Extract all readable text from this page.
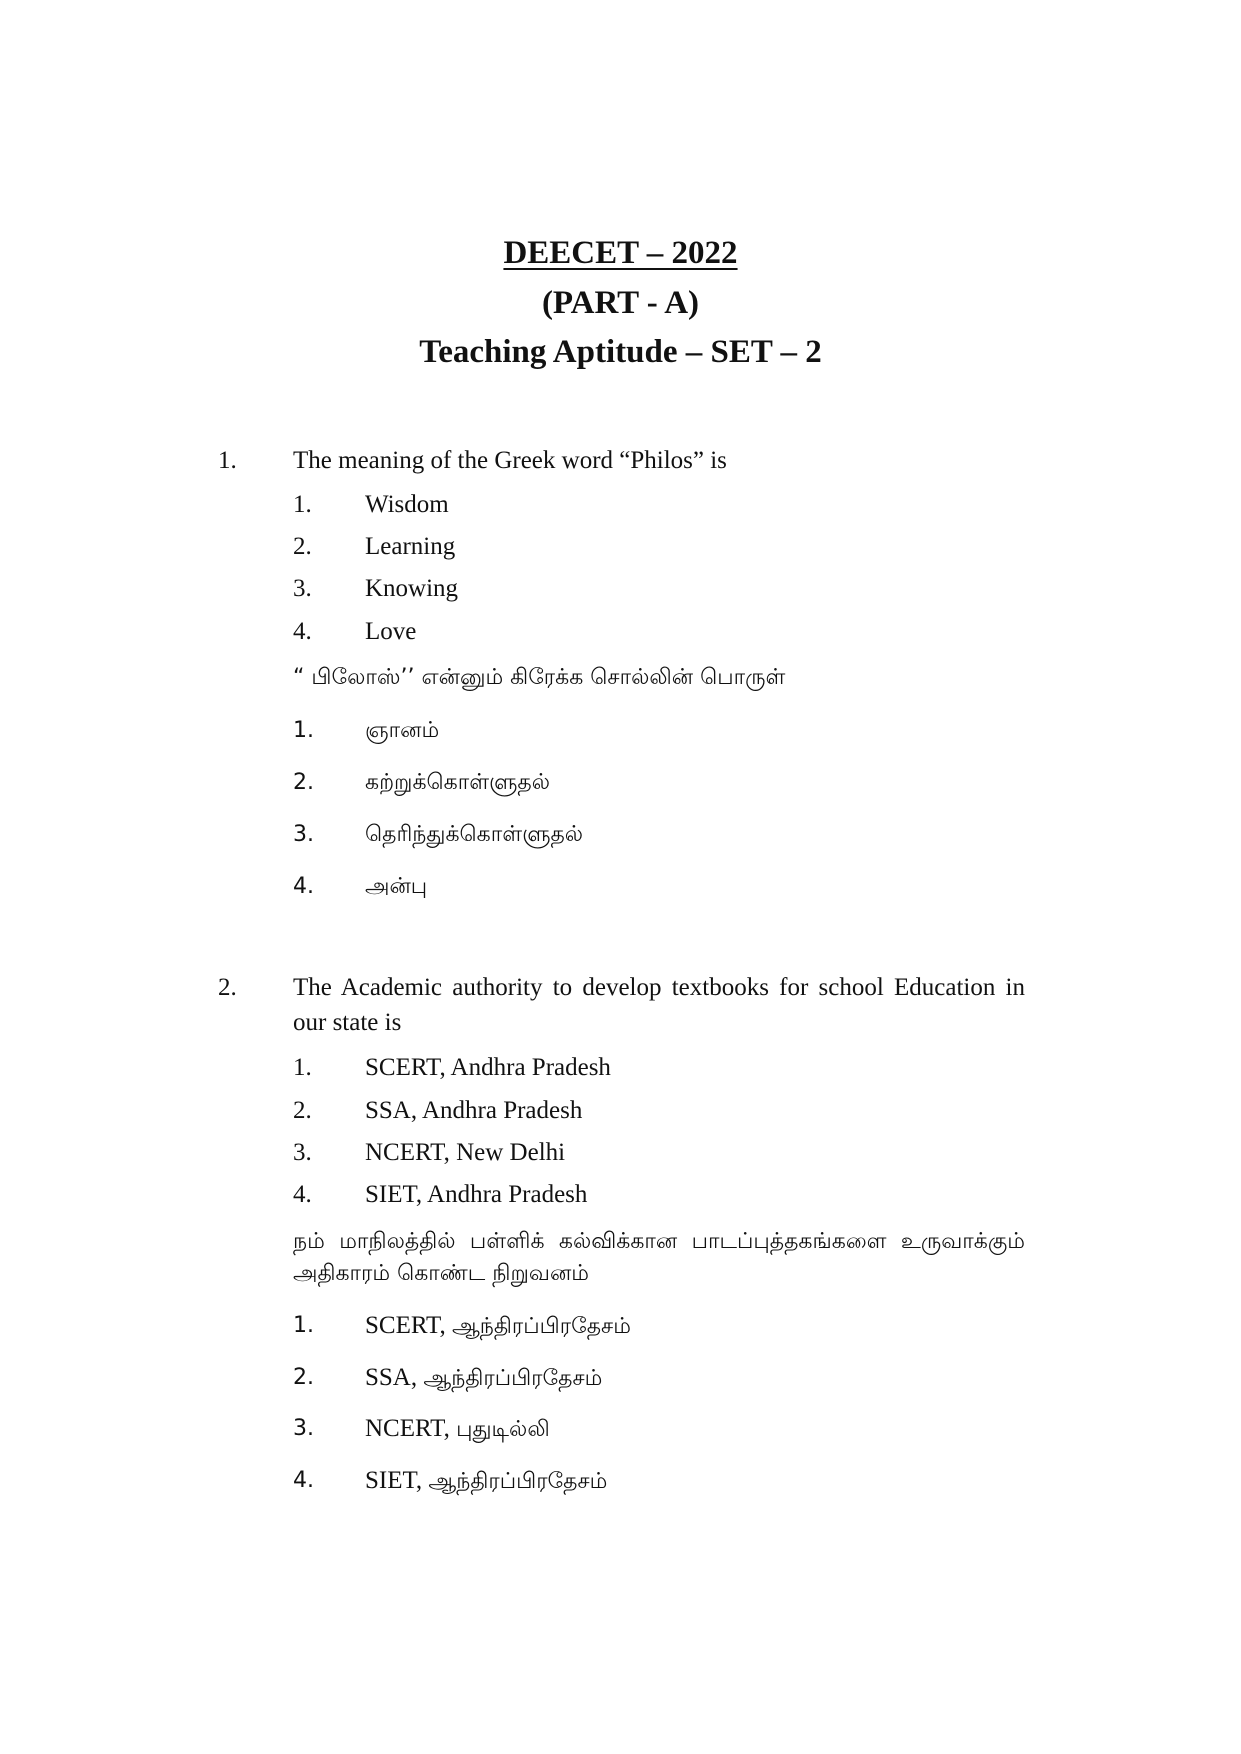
DEECET – 2022
(PART - A)
Teaching Aptitude – SET – 2
1. The meaning of the Greek word “Philos” is
1. Wisdom
2. Learning
3. Knowing
4. Love
“ பிலோஸ்’’ என்னும் கிரேக்க சொல்லின் பொருள்
1. ஞானம்
2. கற்றுக்கொள்ளுதல்
3. தெரிந்துக்கொள்ளுதல்
4. அன்பு
2. The Academic authority to develop textbooks for school Education in our state is
1. SCERT, Andhra Pradesh
2. SSA, Andhra Pradesh
3. NCERT, New Delhi
4. SIET, Andhra Pradesh
நம் மாநிலத்தில் பள்ளிக் கல்விக்கான பாடப்புத்தகங்களை உருவாக்கும் அதிகாரம் கொண்ட நிறுவனம்
1. SCERT, ஆந்திரப்பிரதேசம்
2. SSA, ஆந்திரப்பிரதேசம்
3. NCERT, புதுடில்லி
4. SIET, ஆந்திரப்பிரதேசம்
